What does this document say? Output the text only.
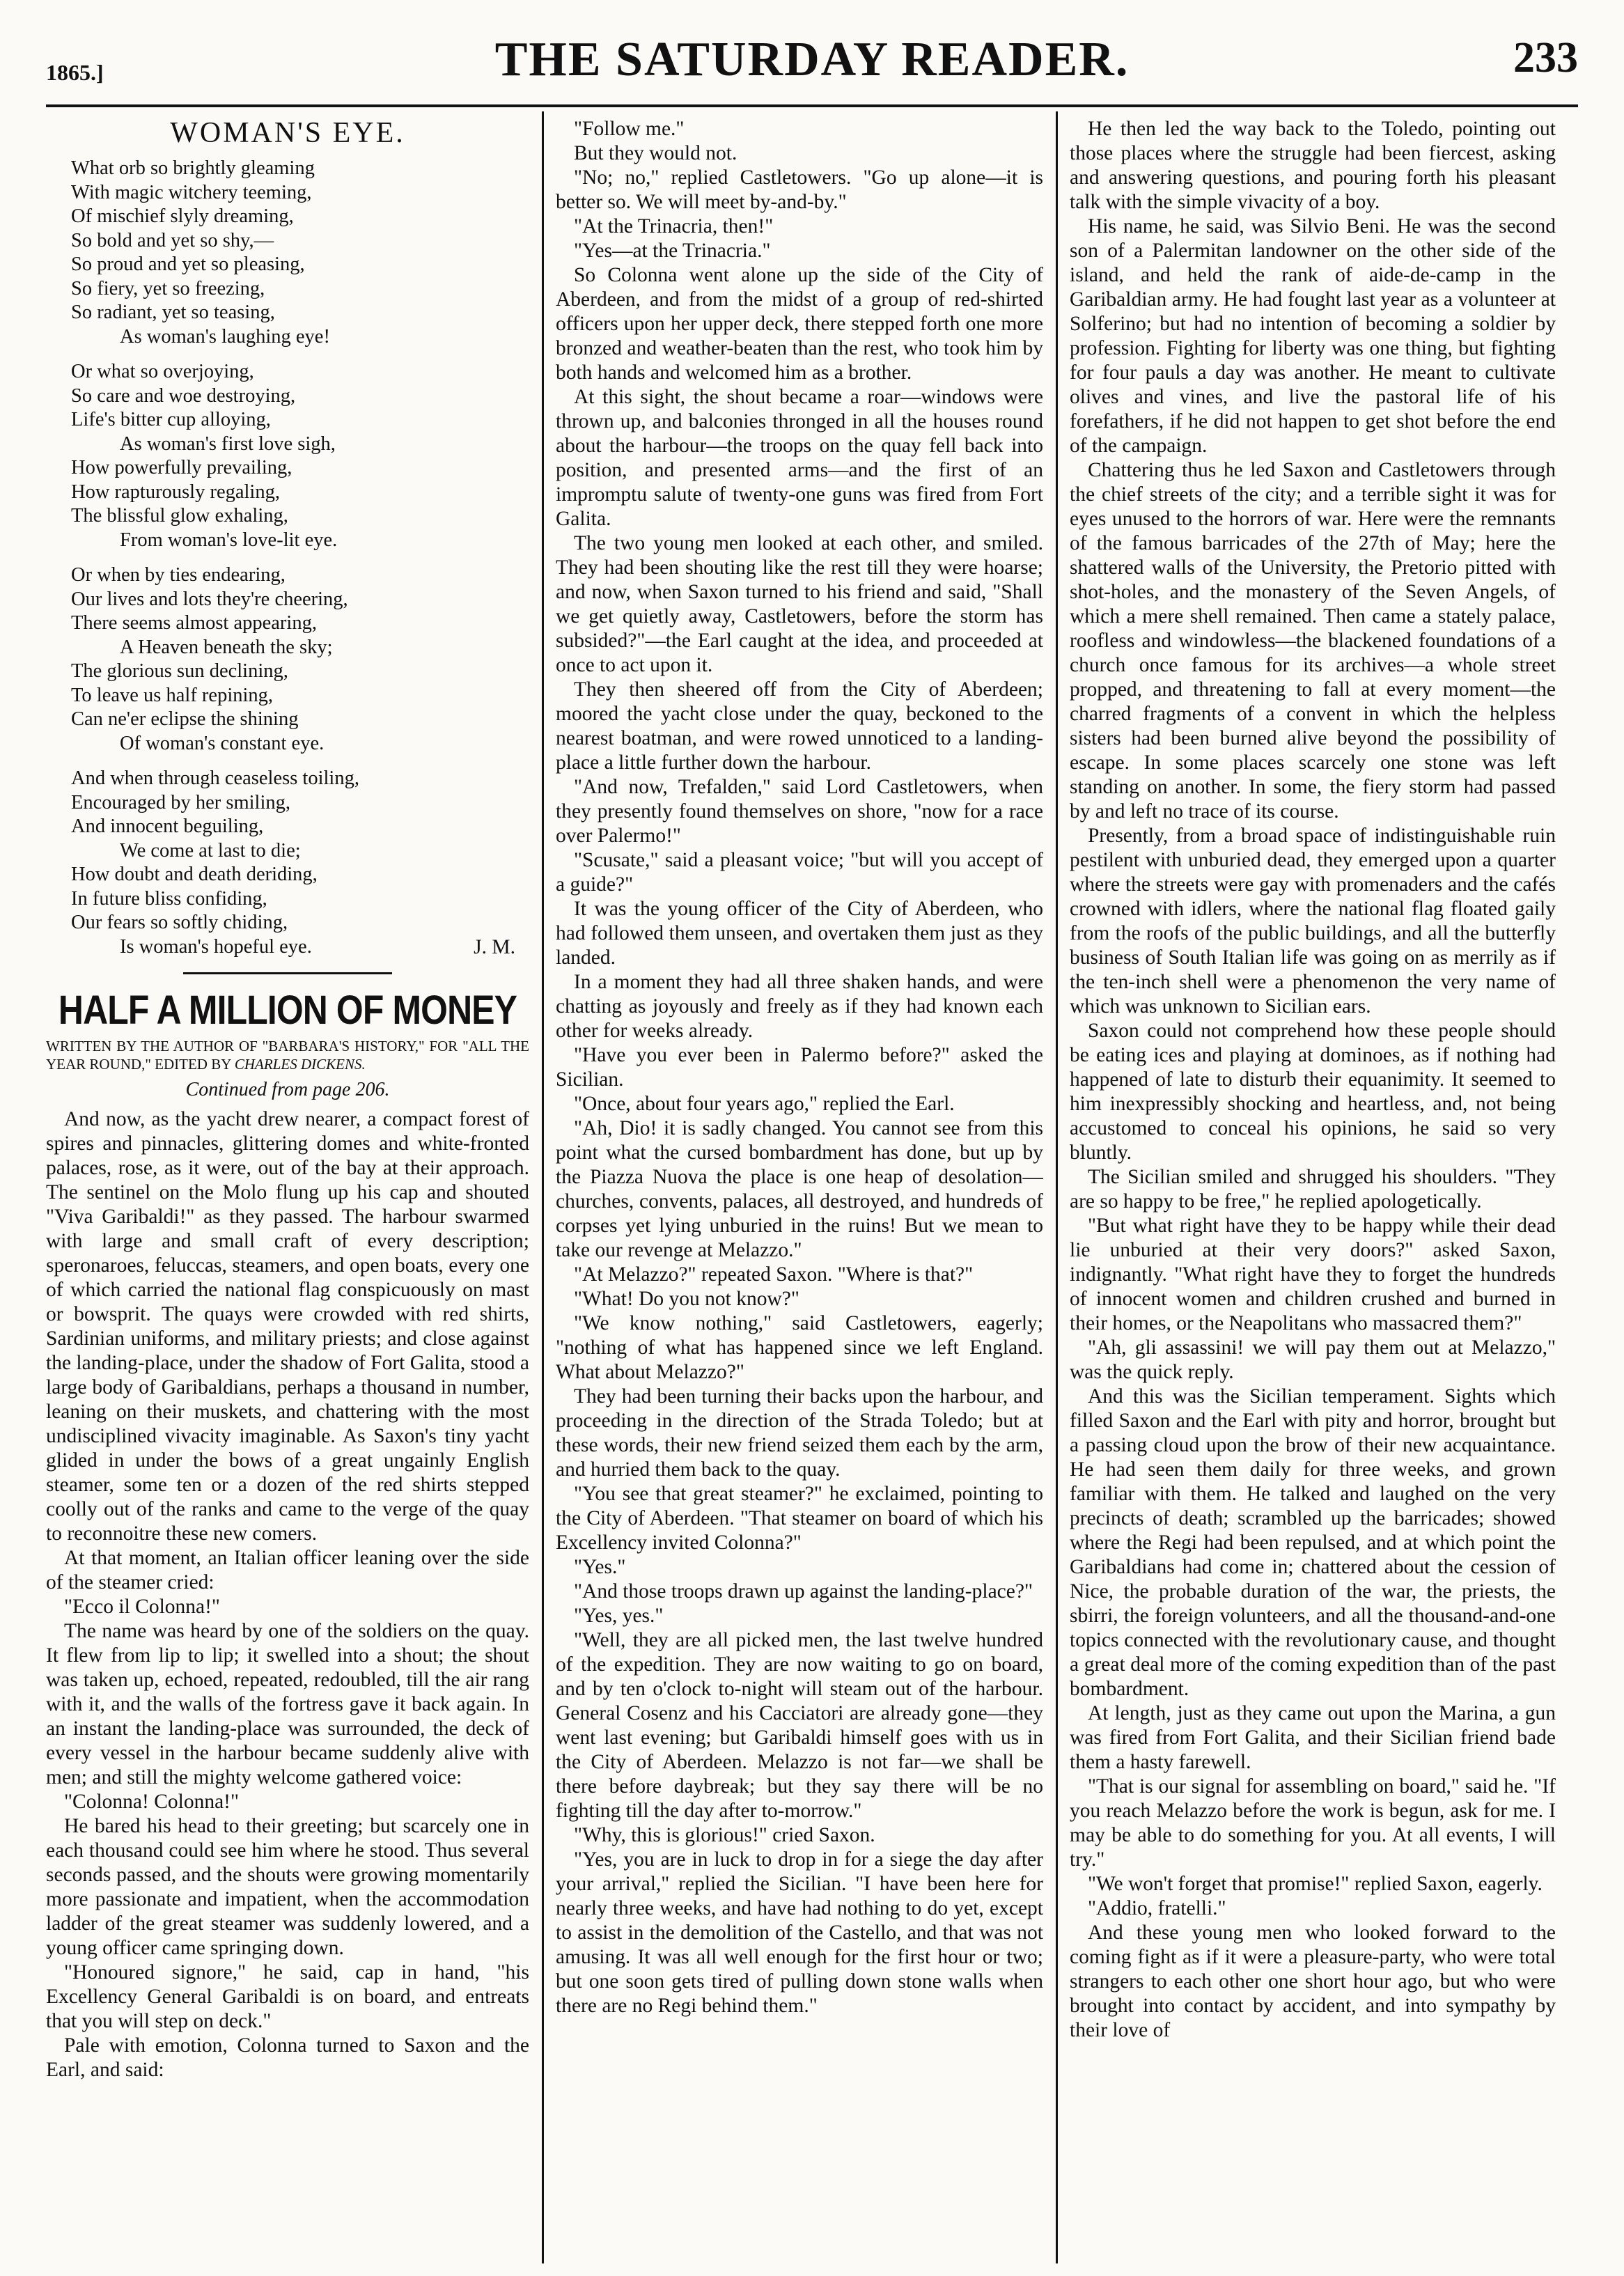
1865.]	THE SATURDAY READER.	233
WOMAN'S EYE.
What orb so brightly gleaming
With magic witchery teeming,
Of mischief slyly dreaming,
So bold and yet so shy,—
So proud and yet so pleasing,
So fiery, yet so freezing,
So radiant, yet so teasing,
As woman's laughing eye!
Or what so overjoying,
So care and woe destroying,
Life's bitter cup alloying,
As woman's first love sigh,
How powerfully prevailing,
How rapturously regaling,
The blissful glow exhaling,
From woman's love-lit eye.
Or when by ties endearing,
Our lives and lots they're cheering,
There seems almost appearing,
A Heaven beneath the sky;
The glorious sun declining,
To leave us half repining,
Can ne'er eclipse the shining
Of woman's constant eye.
And when through ceaseless toiling,
Encouraged by her smiling,
And innocent beguiling,
We come at last to die;
How doubt and death deriding,
In future bliss confiding,
Our fears so softly chiding,
Is woman's hopeful eye.	J. M.
HALF A MILLION OF MONEY
WRITTEN BY THE AUTHOR OF "BARBARA'S HISTORY," FOR "ALL THE YEAR ROUND," EDITED BY CHARLES DICKENS.
Continued from page 206.

And now, as the yacht drew nearer, a compact forest of spires and pinnacles, glittering domes and white-fronted palaces, rose, as it were, out of the bay at their approach. The sentinel on the Molo flung up his cap and shouted "Viva Garibaldi!" as they passed. The harbour swarmed with large and small craft of every description; speronaroes, feluccas, steamers, and open boats, every one of which carried the national flag conspicuously on mast or bowsprit. The quays were crowded with red shirts, Sardinian uniforms, and military priests; and close against the landing-place, under the shadow of Fort Galita, stood a large body of Garibaldians, perhaps a thousand in number, leaning on their muskets, and chattering with the most undisciplined vivacity imaginable. As Saxon's tiny yacht glided in under the bows of a great ungainly English steamer, some ten or a dozen of the red shirts stepped coolly out of the ranks and came to the verge of the quay to reconnoitre these new comers.

At that moment, an Italian officer leaning over the side of the steamer cried:

"Ecco il Colonna!"

The name was heard by one of the soldiers on the quay. It flew from lip to lip; it swelled into a shout; the shout was taken up, echoed, repeated, redoubled, till the air rang with it, and the walls of the fortress gave it back again. In an instant the landing-place was surrounded, the deck of every vessel in the harbour became suddenly alive with men; and still the mighty welcome gathered voice:

"Colonna! Colonna!"

He bared his head to their greeting; but scarcely one in each thousand could see him where he stood. Thus several seconds passed, and the shouts were growing momentarily more passionate and impatient, when the accommodation ladder of the great steamer was suddenly lowered, and a young officer came springing down.

"Honoured signore," he said, cap in hand, "his Excellency General Garibaldi is on board, and entreats that you will step on deck."

Pale with emotion, Colonna turned to Saxon and the Earl, and said:

"Follow me."

But they would not.

"No; no," replied Castletowers. "Go up alone—it is better so. We will meet by-and-by."

"At the Trinacria, then!"

"Yes—at the Trinacria."

So Colonna went alone up the side of the City of Aberdeen, and from the midst of a group of red-shirted officers upon her upper deck, there stepped forth one more bronzed and weather-beaten than the rest, who took him by both hands and welcomed him as a brother.

At this sight, the shout became a roar—windows were thrown up, and balconies thronged in all the houses round about the harbour—the troops on the quay fell back into position, and presented arms—and the first of an impromptu salute of twenty-one guns was fired from Fort Galita.

The two young men looked at each other, and smiled. They had been shouting like the rest till they were hoarse; and now, when Saxon turned to his friend and said, "Shall we get quietly away, Castletowers, before the storm has subsided?"—the Earl caught at the idea, and proceeded at once to act upon it.

They then sheered off from the City of Aberdeen; moored the yacht close under the quay, beckoned to the nearest boatman, and were rowed unnoticed to a landing-place a little further down the harbour.

"And now, Trefalden," said Lord Castletowers, when they presently found themselves on shore, "now for a race over Palermo!"

"Scusate," said a pleasant voice; "but will you accept of a guide?"

It was the young officer of the City of Aberdeen, who had followed them unseen, and overtaken them just as they landed.

In a moment they had all three shaken hands, and were chatting as joyously and freely as if they had known each other for weeks already.

"Have you ever been in Palermo before?" asked the Sicilian.

"Once, about four years ago," replied the Earl.

"Ah, Dio! it is sadly changed. You cannot see from this point what the cursed bombardment has done, but up by the Piazza Nuova the place is one heap of desolation—churches, convents, palaces, all destroyed, and hundreds of corpses yet lying unburied in the ruins! But we mean to take our revenge at Melazzo."

"At Melazzo?" repeated Saxon. "Where is that?"

"What! Do you not know?"

"We know nothing," said Castletowers, eagerly; "nothing of what has happened since we left England. What about Melazzo?"

They had been turning their backs upon the harbour, and proceeding in the direction of the Strada Toledo; but at these words, their new friend seized them each by the arm, and hurried them back to the quay.

"You see that great steamer?" he exclaimed, pointing to the City of Aberdeen. "That steamer on board of which his Excellency invited Colonna?"

"Yes."

"And those troops drawn up against the landing-place?"

"Yes, yes."

"Well, they are all picked men, the last twelve hundred of the expedition. They are now waiting to go on board, and by ten o'clock to-night will steam out of the harbour. General Cosenz and his Cacciatori are already gone—they went last evening; but Garibaldi himself goes with us in the City of Aberdeen. Melazzo is not far—we shall be there before daybreak; but they say there will be no fighting till the day after to-morrow."

"Why, this is glorious!" cried Saxon.

"Yes, you are in luck to drop in for a siege the day after your arrival," replied the Sicilian. "I have been here for nearly three weeks, and have had nothing to do yet, except to assist in the demolition of the Castello, and that was not amusing. It was all well enough for the first hour or two; but one soon gets tired of pulling down stone walls when there are no Regi behind them."

He then led the way back to the Toledo, pointing out those places where the struggle had been fiercest, asking and answering questions, and pouring forth his pleasant talk with the simple vivacity of a boy.

His name, he said, was Silvio Beni. He was the second son of a Palermitan landowner on the other side of the island, and held the rank of aide-de-camp in the Garibaldian army. He had fought last year as a volunteer at Solferino; but had no intention of becoming a soldier by profession. Fighting for liberty was one thing, but fighting for four pauls a day was another. He meant to cultivate olives and vines, and live the pastoral life of his forefathers, if he did not happen to get shot before the end of the campaign.

Chattering thus he led Saxon and Castletowers through the chief streets of the city; and a terrible sight it was for eyes unused to the horrors of war. Here were the remnants of the famous barricades of the 27th of May; here the shattered walls of the University, the Pretorio pitted with shot-holes, and the monastery of the Seven Angels, of which a mere shell remained. Then came a stately palace, roofless and windowless—the blackened foundations of a church once famous for its archives—a whole street propped, and threatening to fall at every moment—the charred fragments of a convent in which the helpless sisters had been burned alive beyond the possibility of escape. In some places scarcely one stone was left standing on another. In some, the fiery storm had passed by and left no trace of its course.

Presently, from a broad space of indistinguishable ruin pestilent with unburied dead, they emerged upon a quarter where the streets were gay with promenaders and the cafés crowned with idlers, where the national flag floated gaily from the roofs of the public buildings, and all the butterfly business of South Italian life was going on as merrily as if the ten-inch shell were a phenomenon the very name of which was unknown to Sicilian ears.

Saxon could not comprehend how these people should be eating ices and playing at dominoes, as if nothing had happened of late to disturb their equanimity. It seemed to him inexpressibly shocking and heartless, and, not being accustomed to conceal his opinions, he said so very bluntly.

The Sicilian smiled and shrugged his shoulders. "They are so happy to be free," he replied apologetically.

"But what right have they to be happy while their dead lie unburied at their very doors?" asked Saxon, indignantly. "What right have they to forget the hundreds of innocent women and children crushed and burned in their homes, or the Neapolitans who massacred them?"

"Ah, gli assassini! we will pay them out at Melazzo," was the quick reply.

And this was the Sicilian temperament. Sights which filled Saxon and the Earl with pity and horror, brought but a passing cloud upon the brow of their new acquaintance. He had seen them daily for three weeks, and grown familiar with them. He talked and laughed on the very precincts of death; scrambled up the barricades; showed where the Regi had been repulsed, and at which point the Garibaldians had come in; chattered about the cession of Nice, the probable duration of the war, the priests, the sbirri, the foreign volunteers, and all the thousand-and-one topics connected with the revolutionary cause, and thought a great deal more of the coming expedition than of the past bombardment.

At length, just as they came out upon the Marina, a gun was fired from Fort Galita, and their Sicilian friend bade them a hasty farewell.

"That is our signal for assembling on board," said he. "If you reach Melazzo before the work is begun, ask for me. I may be able to do something for you. At all events, I will try."

"We won't forget that promise!" replied Saxon, eagerly.

"Addio, fratelli."

And these young men who looked forward to the coming fight as if it were a pleasure-party, who were total strangers to each other one short hour ago, but who were brought into contact by accident, and into sympathy by their love of
